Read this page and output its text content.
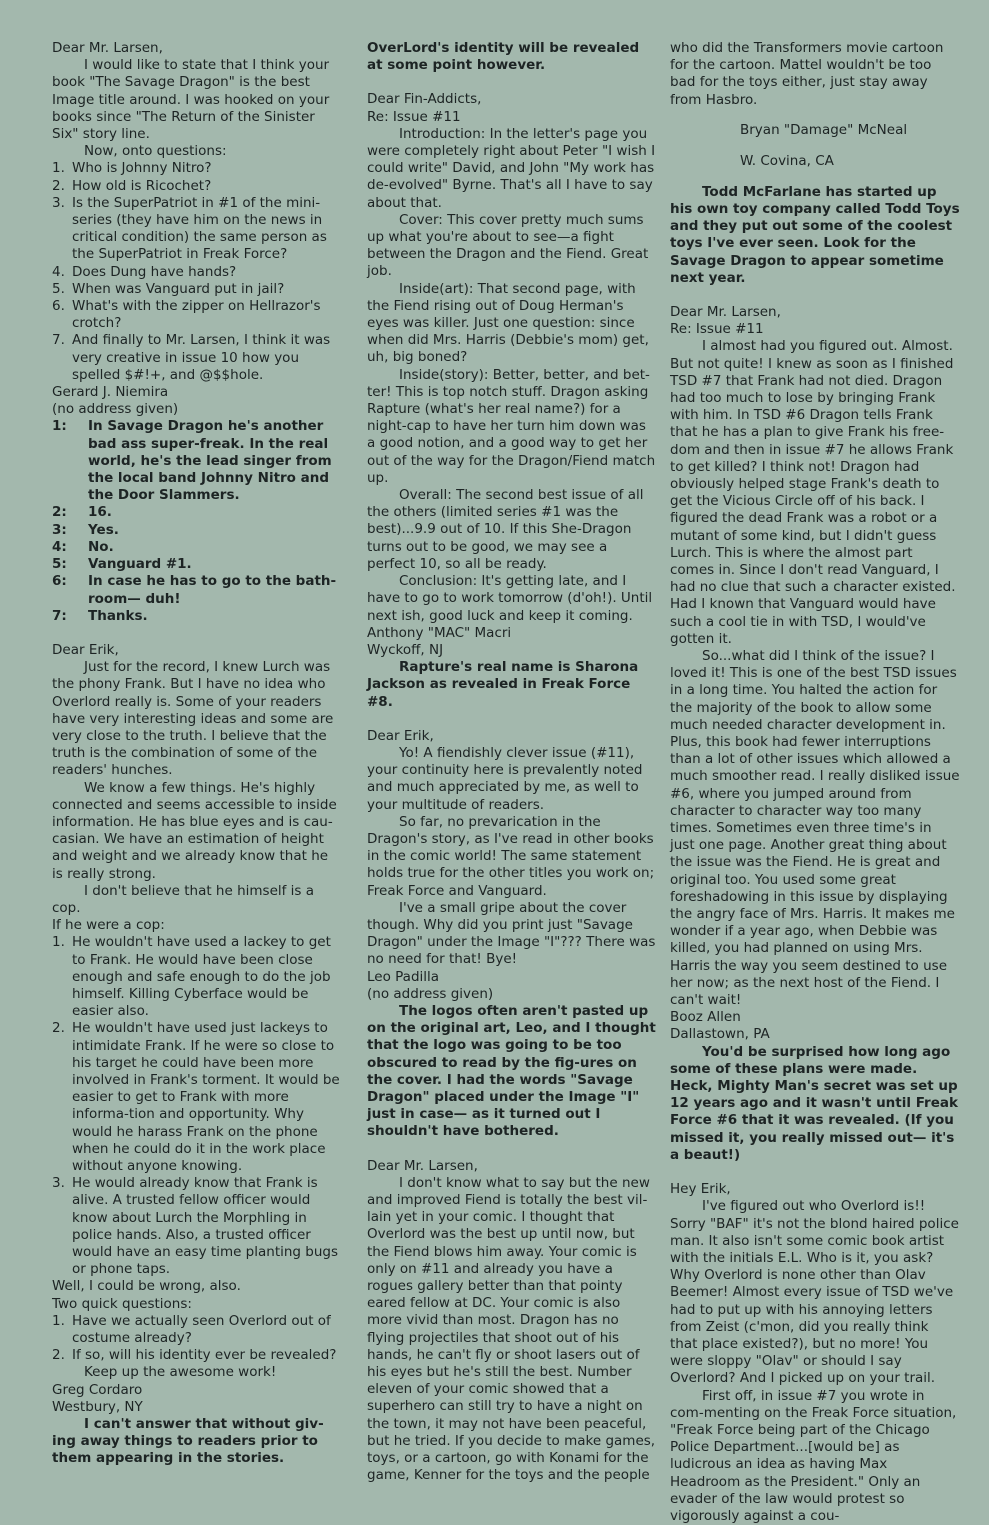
Dear Mr. Larsen,

I would like to state that I think your book "The Savage Dragon" is the best Image title around. I was hooked on your books since "The Return of the Sinister Six" story line.

Now, onto questions:

1. Who is Johnny Nitro?
2. How old is Ricochet?
3. Is the SuperPatriot in #1 of the mini-series (they have him on the news in critical condition) the same person as the SuperPatriot in Freak Force?
4. Does Dung have hands?
5. When was Vanguard put in jail?
6. What's with the zipper on Hellrazor's crotch?
7. And finally to Mr. Larsen, I think it was very creative in issue 10 how you spelled $#!+, and @$$hole.

Gerard J. Niemira

(no address given)

1: In Savage Dragon he's another bad ass super-freak. In the real world, he's the lead singer from the local band Johnny Nitro and the Door Slammers.
2: 16.
3: Yes.
4: No.
5: Vanguard #1.
6: In case he has to go to the bath-room— duh!
7: Thanks.

Dear Erik,

Just for the record, I knew Lurch was the phony Frank. But I have no idea who Overlord really is. Some of your readers have very interesting ideas and some are very close to the truth. I believe that the truth is the combination of some of the readers' hunches.

We know a few things. He's highly connected and seems accessible to inside information. He has blue eyes and is cau-casian. We have an estimation of height and weight and we already know that he is really strong.

I don't believe that he himself is a cop.

If he were a cop:

1. He wouldn't have used a lackey to get to Frank. He would have been close enough and safe enough to do the job himself. Killing Cyberface would be easier also.
2. He wouldn't have used just lackeys to intimidate Frank. If he were so close to his target he could have been more involved in Frank's torment. It would be easier to get to Frank with more informa-tion and opportunity. Why would he harass Frank on the phone when he could do it in the work place without anyone knowing.
3. He would already know that Frank is alive. A trusted fellow officer would know about Lurch the Morphling in police hands. Also, a trusted officer would have an easy time planting bugs or phone taps.

Well, I could be wrong, also.

Two quick questions:

1. Have we actually seen Overlord out of costume already?
2. If so, will his identity ever be revealed?

Keep up the awesome work!

Greg Cordaro

Westbury, NY

I can't answer that without giv-ing away things to readers prior to them appearing in the stories.

OverLord's identity will be revealed at some point however.

Dear Fin-Addicts,

Re: Issue #11

Introduction: In the letter's page you were completely right about Peter "I wish I could write" David, and John "My work has de-evolved" Byrne. That's all I have to say about that.

Cover: This cover pretty much sums up what you're about to see—a fight between the Dragon and the Fiend. Great job.

Inside(art): That second page, with the Fiend rising out of Doug Herman's eyes was killer. Just one question: since when did Mrs. Harris (Debbie's mom) get, uh, big boned?

Inside(story): Better, better, and bet-ter! This is top notch stuff. Dragon asking Rapture (what's her real name?) for a night-cap to have her turn him down was a good notion, and a good way to get her out of the way for the Dragon/Fiend match up.

Overall: The second best issue of all the others (limited series #1 was the best)...9.9 out of 10. If this She-Dragon turns out to be good, we may see a perfect 10, so all be ready.

Conclusion: It's getting late, and I have to go to work tomorrow (d'oh!). Until next ish, good luck and keep it coming.

Anthony "MAC" Macri

Wyckoff, NJ

Rapture's real name is Sharona Jackson as revealed in Freak Force #8.

Dear Erik,

Yo! A fiendishly clever issue (#11), your continuity here is prevalently noted and much appreciated by me, as well to your multitude of readers.

So far, no prevarication in the Dragon's story, as I've read in other books in the comic world! The same statement holds true for the other titles you work on; Freak Force and Vanguard.

I've a small gripe about the cover though. Why did you print just "Savage Dragon" under the Image "I"??? There was no need for that! Bye!

Leo Padilla

(no address given)

The logos often aren't pasted up on the original art, Leo, and I thought that the logo was going to be too obscured to read by the fig-ures on the cover. I had the words "Savage Dragon" placed under the Image "I" just in case— as it turned out I shouldn't have bothered.

Dear Mr. Larsen,

I don't know what to say but the new and improved Fiend is totally the best vil-lain yet in your comic. I thought that Overlord was the best up until now, but the Fiend blows him away. Your comic is only on #11 and already you have a rogues gallery better than that pointy eared fellow at DC. Your comic is also more vivid than most. Dragon has no flying projectiles that shoot out of his hands, he can't fly or shoot lasers out of his eyes but he's still the best. Number eleven of your comic showed that a superhero can still try to have a night on the town, it may not have been peaceful, but he tried. If you decide to make games, toys, or a cartoon, go with Konami for the game, Kenner for the toys and the people

who did the Transformers movie cartoon for the cartoon. Mattel wouldn't be too bad for the toys either, just stay away from Hasbro.

Bryan "Damage" McNeal

W. Covina, CA

Todd McFarlane has started up his own toy company called Todd Toys and they put out some of the coolest toys I've ever seen. Look for the Savage Dragon to appear sometime next year.

Dear Mr. Larsen,

Re: Issue #11

I almost had you figured out. Almost. But not quite! I knew as soon as I finished TSD #7 that Frank had not died. Dragon had too much to lose by bringing Frank with him. In TSD #6 Dragon tells Frank that he has a plan to give Frank his free-dom and then in issue #7 he allows Frank to get killed? I think not! Dragon had obviously helped stage Frank's death to get the Vicious Circle off of his back. I figured the dead Frank was a robot or a mutant of some kind, but I didn't guess Lurch. This is where the almost part comes in. Since I don't read Vanguard, I had no clue that such a character existed. Had I known that Vanguard would have such a cool tie in with TSD, I would've gotten it.

So...what did I think of the issue? I loved it! This is one of the best TSD issues in a long time. You halted the action for the majority of the book to allow some much needed character development in. Plus, this book had fewer interruptions than a lot of other issues which allowed a much smoother read. I really disliked issue #6, where you jumped around from character to character way too many times. Sometimes even three time's in just one page. Another great thing about the issue was the Fiend. He is great and original too. You used some great foreshadowing in this issue by displaying the angry face of Mrs. Harris. It makes me wonder if a year ago, when Debbie was killed, you had planned on using Mrs. Harris the way you seem destined to use her now; as the next host of the Fiend. I can't wait!

Booz Allen

Dallastown, PA

You'd be surprised how long ago some of these plans were made. Heck, Mighty Man's secret was set up 12 years ago and it wasn't until Freak Force #6 that it was revealed. (If you missed it, you really missed out— it's a beaut!)

Hey Erik,

I've figured out who Overlord is!! Sorry "BAF" it's not the blond haired police man. It also isn't some comic book artist with the initials E.L. Who is it, you ask? Why Overlord is none other than Olav Beemer! Almost every issue of TSD we've had to put up with his annoying letters from Zeist (c'mon, did you really think that place existed?), but no more! You were sloppy "Olav" or should I say Overlord? And I picked up on your trail.

First off, in issue #7 you wrote in com-menting on the Freak Force situation, "Freak Force being part of the Chicago Police Department...[would be] as ludicrous an idea as having Max Headroom as the President." Only an evader of the law would protest so vigorously against a cou-
